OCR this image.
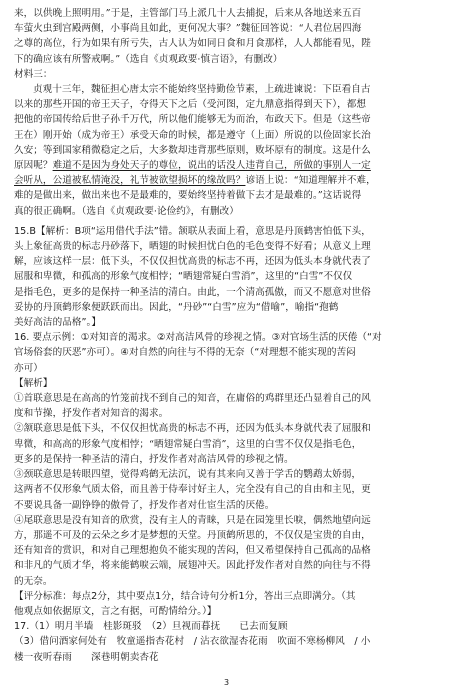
来，以供晚上照明用。”于是，主管部门马上派几十人去捕捉，后来从各地送来五百
车萤火虫到宫殿两侧，小事尚且如此，更何况大事？”魏征回答说：“人君位居四海
之尊的高位，行为如果有所亏失，古人认为如同日食和月食那样，人人都能看见，陛
下的确应该有所警戒啊。”（选自《贞观政要·慎言语》，有删改）
材料三：
贞观十三年，魏征担心唐太宗不能始终坚持勤俭节素，上疏进谏说：下臣看自古
以来的那些开国的帝王天子，夺得天下之后（受河图，定九鼎意指得到天下），都想
把他的帝国传给后世子孙千万代，所以他们能够无为而治，布政天下。但是（这些帝
王在）刚开始（成为帝王）承受天命的时候，都是遵守（上面）所说的以俭固家长治
久安；等到国家稍微稳定之后，大多数却违背那些原则，败坏原有的制度。这是什么
原因呢？难道不是因为身处天子的尊位，说出的话没人违背自己，所做的事别人一定
会听从，公道被私情淹没，礼节被欲望损坏的缘故吗？谚语上说：“知道理解并不难，
难的是做出来，做出来也不是最难的，要始终坚持着做下去才是最难的。”这话说得
真的很正确啊。（选自《贞观政要·论俭约》，有删改）
15.B【解析：B项“运用借代手法”错。颔联从表面上看，意思是丹顶鹤害怕低下头，
头上象征高贵的标志丹砂落下，晒翅的时候担忧白色的毛色变得不好看；从意义上理
解，应该这样一层：低下头，不仅仅担忧高贵的标志不再，还因为低头本身就代表了
屈服和卑微，和孤高的形象气度相悖；“晒翅常疑白雪消”，这里的“白雪”不仅仅
是指毛色，更多的是保持一种圣洁的清白。由此，一个清高孤傲，而又不愿意对世俗
妥协的丹顶鹤形象便跃跃而出。因此，“丹砂”“白雪”应为“借喻”，喻指“孢鹤
美好高洁的品格”。】
16. 要点示例：①对知音的渴求。②对高洁风骨的珍视之情。③对官场生活的厌倦（“对
官场俗套的厌恶”亦可）。④对自然的向往与不得的无奈（“对理想不能实现的苦闷
亦可）
【解析】
①首联意思是在高高的竹笼前找不到自己的知音，在庸俗的鸡群里还凸显着自己的风
度和节操，抒发作者对知音的渴求。
②颔联意思是低下头，不仅仅担忧高贵的标志不再，还因为低头本身就代表了屈服和
卑微，和高高的形象气度相悖；“晒翅常疑白雪消”，这里的白雪不仅仅是指毛色，
更多的是保持一种圣洁的清白，抒发作者对高洁风骨的珍视之情。
③颈联意思是转眼四望，觉得鸡鹤无法沉，说有其来向又善于学舌的鹦鹉太娇弱，
这两者不仅形象气质太俗，而且善于侍奉讨好主人，完全没有自己的自由和主见，更
不要说具备一副铮铮的傲骨了，抒发作者对仕宦生活的厌倦。
④尾联意思是没有知音的欣赏，没有主人的青睐，只是在园笼里长唳，偶然地望向远
方，那遥不可及的云朵之乡才是梦想的天堂。丹顶鹤所思的，不仅仅是宝贵的自由，
还有知音的赏识，和对自己理想抱负不能实现的苦闷，但又希望保持自己孤高的品格
和非凡的气质才华，将来能鹤唳云端，展翅冲天。因此抒发作者对自然的向往与不得
的无奈。
【评分标准：每点2分，其中要点1分，结合诗句分析1分，答出三点即满分。（其
他观点如依据原文，言之有据，可酌情给分。）】
17.（1）明月半墙　桂影斑驳　（2）旦视而暮抚　　已去而复顾
（3）借问酒家何处有　牧童遥指杏花村　/ 沾衣欲湿杏花雨　吹面不寒杨柳风　/ 小
楼一夜听春雨　　深巷明朝卖杏花
3
